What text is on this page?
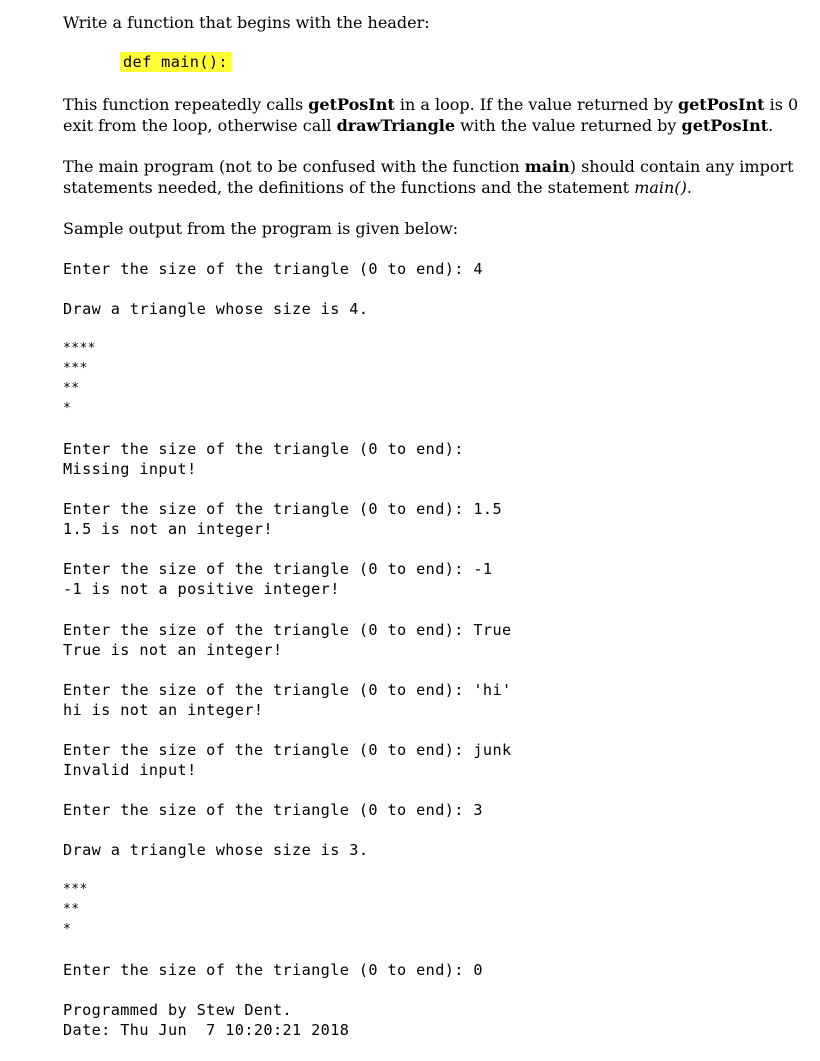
Write a function that begins with the header:

def main():
This function repeatedly calls getPosInt in a loop. If the value returned by getPosInt is 0
exit from the loop, otherwise call drawTriangle with the value returned by getPosInt.
The main program (not to be confused with the function main) should contain any import
statements needed, the definitions of the functions and the statement main().

Sample output from the program is given below:

Enter the size of the triangle (0 to end): 4
Draw a triangle whose size is 4.
****
***
**
*
Enter the size of the triangle (0 to end):
Missing input!
Enter the size of the triangle (0 to end): 1.5
1.5 is not an integer!
Enter the size of the triangle (0 to end): -1
-1 is not a positive integer!
Enter the size of the triangle (0 to end): True
True is not an integer!
Enter the size of the triangle (0 to end): 'hi'
hi is not an integer!
Enter the size of the triangle (0 to end): junk
Invalid input!
Enter the size of the triangle (0 to end): 3
Draw a triangle whose size is 3.
***
**
*
Enter the size of the triangle (0 to end): 0
Programmed by Stew Dent.
Date: Thu Jun  7 10:20:21 2018
